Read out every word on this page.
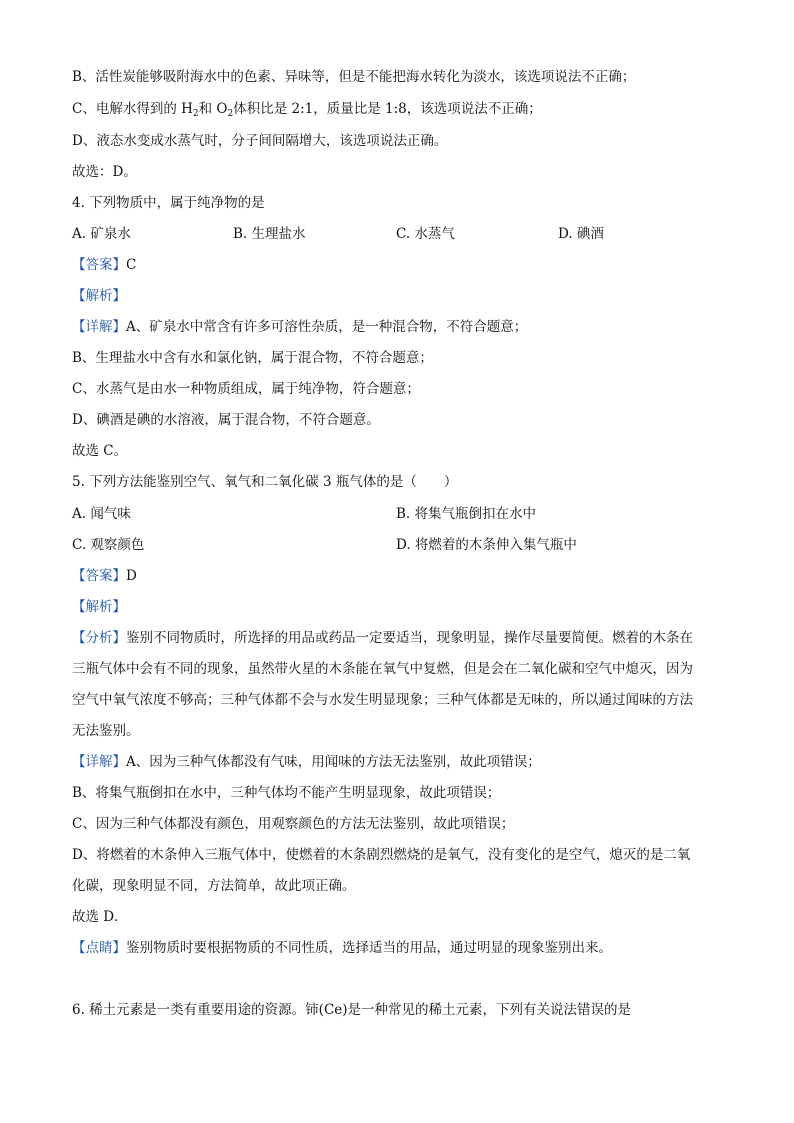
B、活性炭能够吸附海水中的色素、异味等，但是不能把海水转化为淡水，该选项说法不正确；
C、电解水得到的 $H_2$和 $O_2$体积比是 2:1，质量比是 1:8，该选项说法不正确；
D、液态水变成水蒸气时，分子间间隔增大，该选项说法正确。
故选：D。
4. 下列物质中，属于纯净物的是
A. 矿泉水	B. 生理盐水	C. 水蒸气	D. 碘酒
【答案】C
【解析】
【详解】A、矿泉水中常含有许多可溶性杂质，是一种混合物，不符合题意；
B、生理盐水中含有水和氯化钠，属于混合物，不符合题意；
C、水蒸气是由水一种物质组成，属于纯净物，符合题意；
D、碘酒是碘的水溶液，属于混合物，不符合题意。
故选 C。
5. 下列方法能鉴别空气、氧气和二氧化碳 3 瓶气体的是（　　）
A. 闻气味	B. 将集气瓶倒扣在水中
C. 观察颜色	D. 将燃着的木条伸入集气瓶中
【答案】D
【解析】
【分析】鉴别不同物质时，所选择的用品或药品一定要适当，现象明显，操作尽量要简便。燃着的木条在
三瓶气体中会有不同的现象，虽然带火星的木条能在氧气中复燃，但是会在二氧化碳和空气中熄灭，因为
空气中氧气浓度不够高；三种气体都不会与水发生明显现象；三种气体都是无味的，所以通过闻味的方法
无法鉴别。
【详解】A、因为三种气体都没有气味，用闻味的方法无法鉴别，故此项错误；
B、将集气瓶倒扣在水中，三种气体均不能产生明显现象，故此项错误；
C、因为三种气体都没有颜色，用观察颜色的方法无法鉴别，故此项错误；
D、将燃着的木条伸入三瓶气体中，使燃着的木条剧烈燃烧的是氧气，没有变化的是空气，熄灭的是二氧
化碳，现象明显不同，方法简单，故此项正确。
故选 D．
【点睛】鉴别物质时要根据物质的不同性质，选择适当的用品，通过明显的现象鉴别出来。
6. 稀土元素是一类有重要用途的资源。铈(Ce)是一种常见的稀土元素，下列有关说法错误的是
